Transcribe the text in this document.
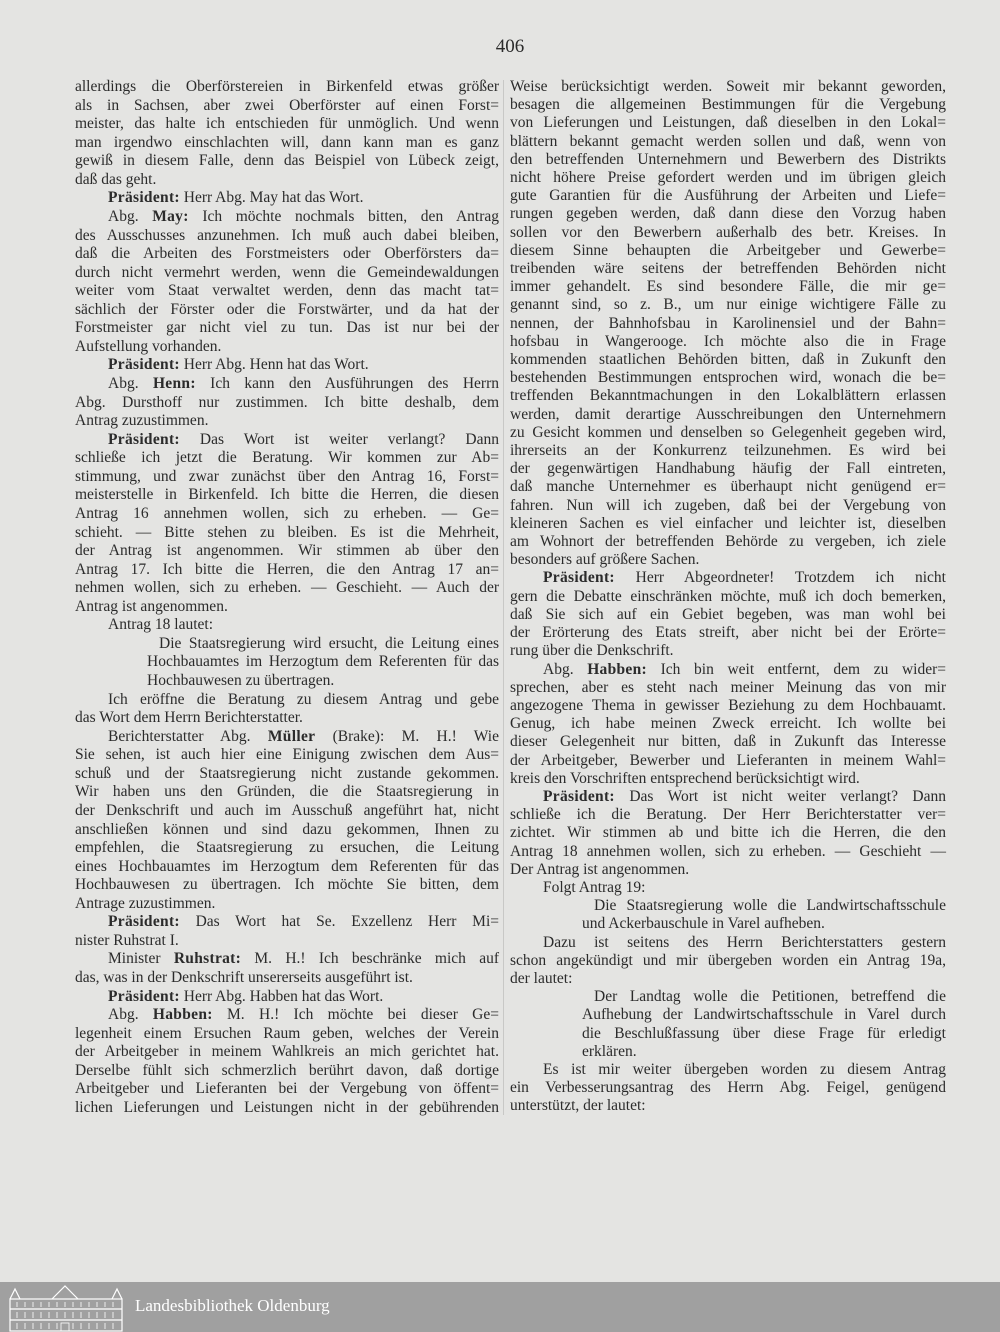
406
allerdings die Oberförstereien in Birkenfeld etwas größer
als in Sachsen, aber zwei Oberförster auf einen Forst=
meister, das halte ich entschieden für unmöglich. Und wenn
man irgendwo einschlachten will, dann kann man es ganz
gewiß in diesem Falle, denn das Beispiel von Lübeck zeigt,
daß das geht.
Präsident: Herr Abg. May hat das Wort.
Abg. May: Ich möchte nochmals bitten, den Antrag
des Ausschusses anzunehmen. Ich muß auch dabei bleiben,
daß die Arbeiten des Forstmeisters oder Oberförsters da=
durch nicht vermehrt werden, wenn die Gemeindewaldungen
weiter vom Staat verwaltet werden, denn das macht tat=
sächlich der Förster oder die Forstwärter, und da hat der
Forstmeister gar nicht viel zu tun. Das ist nur bei der
Aufstellung vorhanden.
Präsident: Herr Abg. Henn hat das Wort.
Abg. Henn: Ich kann den Ausführungen des Herrn
Abg. Dursthoff nur zustimmen. Ich bitte deshalb, dem
Antrag zuzustimmen.
Präsident: Das Wort ist weiter verlangt? Dann
schließe ich jetzt die Beratung. Wir kommen zur Ab=
stimmung, und zwar zunächst über den Antrag 16, Forst=
meisterstelle in Birkenfeld. Ich bitte die Herren, die diesen
Antrag 16 annehmen wollen, sich zu erheben. — Ge=
schieht. — Bitte stehen zu bleiben. Es ist die Mehrheit,
der Antrag ist angenommen. Wir stimmen ab über den
Antrag 17. Ich bitte die Herren, die den Antrag 17 an=
nehmen wollen, sich zu erheben. — Geschieht. — Auch der
Antrag ist angenommen.
Antrag 18 lautet:
Die Staatsregierung wird ersucht, die Leitung eines
Hochbauamtes im Herzogtum dem Referenten für das
Hochbauwesen zu übertragen.
Ich eröffne die Beratung zu diesem Antrag und gebe
das Wort dem Herrn Berichterstatter.
Berichterstatter Abg. Müller (Brake): M. H.! Wie
Sie sehen, ist auch hier eine Einigung zwischen dem Aus=
schuß und der Staatsregierung nicht zustande gekommen.
Wir haben uns den Gründen, die die Staatsregierung in
der Denkschrift und auch im Ausschuß angeführt hat, nicht
anschließen können und sind dazu gekommen, Ihnen zu
empfehlen, die Staatsregierung zu ersuchen, die Leitung
eines Hochbauamtes im Herzogtum dem Referenten für das
Hochbauwesen zu übertragen. Ich möchte Sie bitten, dem
Antrage zuzustimmen.
Präsident: Das Wort hat Se. Exzellenz Herr Mi=
nister Ruhstrat I.
Minister Ruhstrat: M. H.! Ich beschränke mich auf
das, was in der Denkschrift unsererseits ausgeführt ist.
Präsident: Herr Abg. Habben hat das Wort.
Abg. Habben: M. H.! Ich möchte bei dieser Ge=
legenheit einem Ersuchen Raum geben, welches der Verein
der Arbeitgeber in meinem Wahlkreis an mich gerichtet hat.
Derselbe fühlt sich schmerzlich berührt davon, daß dortige
Arbeitgeber und Lieferanten bei der Vergebung von öffent=
lichen Lieferungen und Leistungen nicht in der gebührenden
Weise berücksichtigt werden. Soweit mir bekannt geworden,
besagen die allgemeinen Bestimmungen für die Vergebung
von Lieferungen und Leistungen, daß dieselben in den Lokal=
blättern bekannt gemacht werden sollen und daß, wenn von
den betreffenden Unternehmern und Bewerbern des Distrikts
nicht höhere Preise gefordert werden und im übrigen gleich
gute Garantien für die Ausführung der Arbeiten und Liefe=
rungen gegeben werden, daß dann diese den Vorzug haben
sollen vor den Bewerbern außerhalb des betr. Kreises. In
diesem Sinne behaupten die Arbeitgeber und Gewerbe=
treibenden wäre seitens der betreffenden Behörden nicht
immer gehandelt. Es sind besondere Fälle, die mir ge=
genannt sind, so z. B., um nur einige wichtigere Fälle zu
nennen, der Bahnhofsbau in Karolinensiel und der Bahn=
hofsbau in Wangerooge. Ich möchte also die in Frage
kommenden staatlichen Behörden bitten, daß in Zukunft den
bestehenden Bestimmungen entsprochen wird, wonach die be=
treffenden Bekanntmachungen in den Lokalblättern erlassen
werden, damit derartige Ausschreibungen den Unternehmern
zu Gesicht kommen und denselben so Gelegenheit gegeben wird,
ihrerseits an der Konkurrenz teilzunehmen. Es wird bei
der gegenwärtigen Handhabung häufig der Fall eintreten,
daß manche Unternehmer es überhaupt nicht genügend er=
fahren. Nun will ich zugeben, daß bei der Vergebung von
kleineren Sachen es viel einfacher und leichter ist, dieselben
am Wohnort der betreffenden Behörde zu vergeben, ich ziele
besonders auf größere Sachen.
Präsident: Herr Abgeordneter! Trotzdem ich nicht
gern die Debatte einschränken möchte, muß ich doch bemerken,
daß Sie sich auf ein Gebiet begeben, was man wohl bei
der Erörterung des Etats streift, aber nicht bei der Erörte=
rung über die Denkschrift.
Abg. Habben: Ich bin weit entfernt, dem zu wider=
sprechen, aber es steht nach meiner Meinung das von mir
angezogene Thema in gewisser Beziehung zu dem Hochbauamt.
Genug, ich habe meinen Zweck erreicht. Ich wollte bei
dieser Gelegenheit nur bitten, daß in Zukunft das Interesse
der Arbeitgeber, Bewerber und Lieferanten in meinem Wahl=
kreis den Vorschriften entsprechend berücksichtigt wird.
Präsident: Das Wort ist nicht weiter verlangt? Dann
schließe ich die Beratung. Der Herr Berichterstatter ver=
zichtet. Wir stimmen ab und bitte ich die Herren, die den
Antrag 18 annehmen wollen, sich zu erheben. — Geschieht —
Der Antrag ist angenommen.
Folgt Antrag 19:
Die Staatsregierung wolle die Landwirtschaftsschule
und Ackerbauschule in Varel aufheben.
Dazu ist seitens des Herrn Berichterstatters gestern
schon angekündigt und mir übergeben worden ein Antrag 19a,
der lautet:
Der Landtag wolle die Petitionen, betreffend die
Aufhebung der Landwirtschaftsschule in Varel durch
die Beschlußfassung über diese Frage für erledigt
erklären.
Es ist mir weiter übergeben worden zu diesem Antrag
ein Verbesserungsantrag des Herrn Abg. Feigel, genügend
unterstützt, der lautet:
Landesbibliothek Oldenburg
